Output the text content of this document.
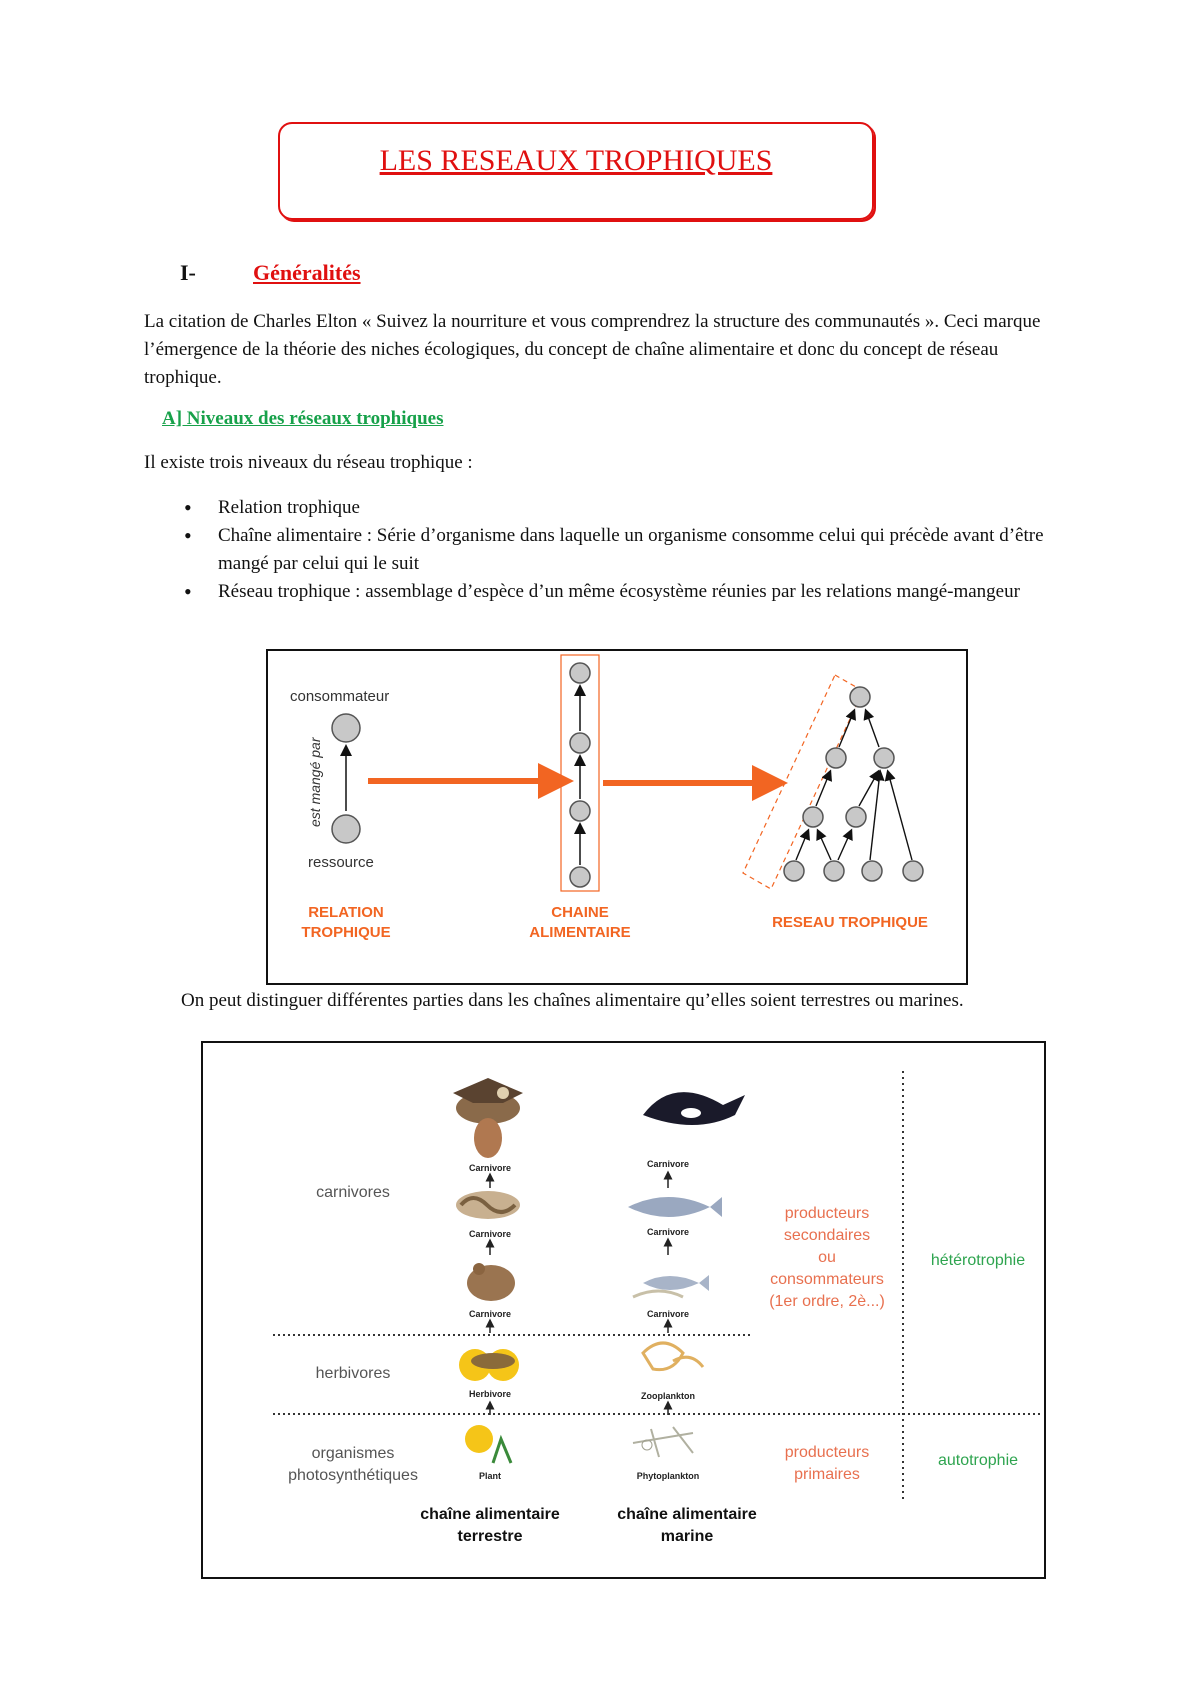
LES RESEAUX TROPHIQUES
I-	Généralités
La citation de Charles Elton « Suivez la nourriture et vous comprendrez la structure des communautés ». Ceci marque l’émergence de la théorie des niches écologiques, du concept de chaîne alimentaire et donc du concept de réseau trophique.
A] Niveaux des réseaux trophiques
Il existe trois niveaux du réseau trophique :
• Relation trophique
• Chaîne alimentaire : Série d’organisme dans laquelle un organisme consomme celui qui précède avant d’être mangé par celui qui le suit
• Réseau trophique : assemblage d’espèce d’un même écosystème réunies par les relations mangé-mangeur
consommateur
est mangé par
ressource
RELATION
TROPHIQUE
CHAINE
ALIMENTAIRE
RESEAU TROPHIQUE
On peut distinguer différentes parties dans les chaînes alimentaire qu’elles soient terrestres ou marines.
carnivores
herbivores
organismes
photosynthétiques
Carnivore
Carnivore
Carnivore
Herbivore
Plant
Carnivore
Carnivore
Carnivore
Zooplankton
Phytoplankton
chaîne alimentaire
terrestre
chaîne alimentaire
marine
producteurs
secondaires
ou
consommateurs
(1er ordre, 2è...)
producteurs
primaires
hétérotrophie
autotrophie
